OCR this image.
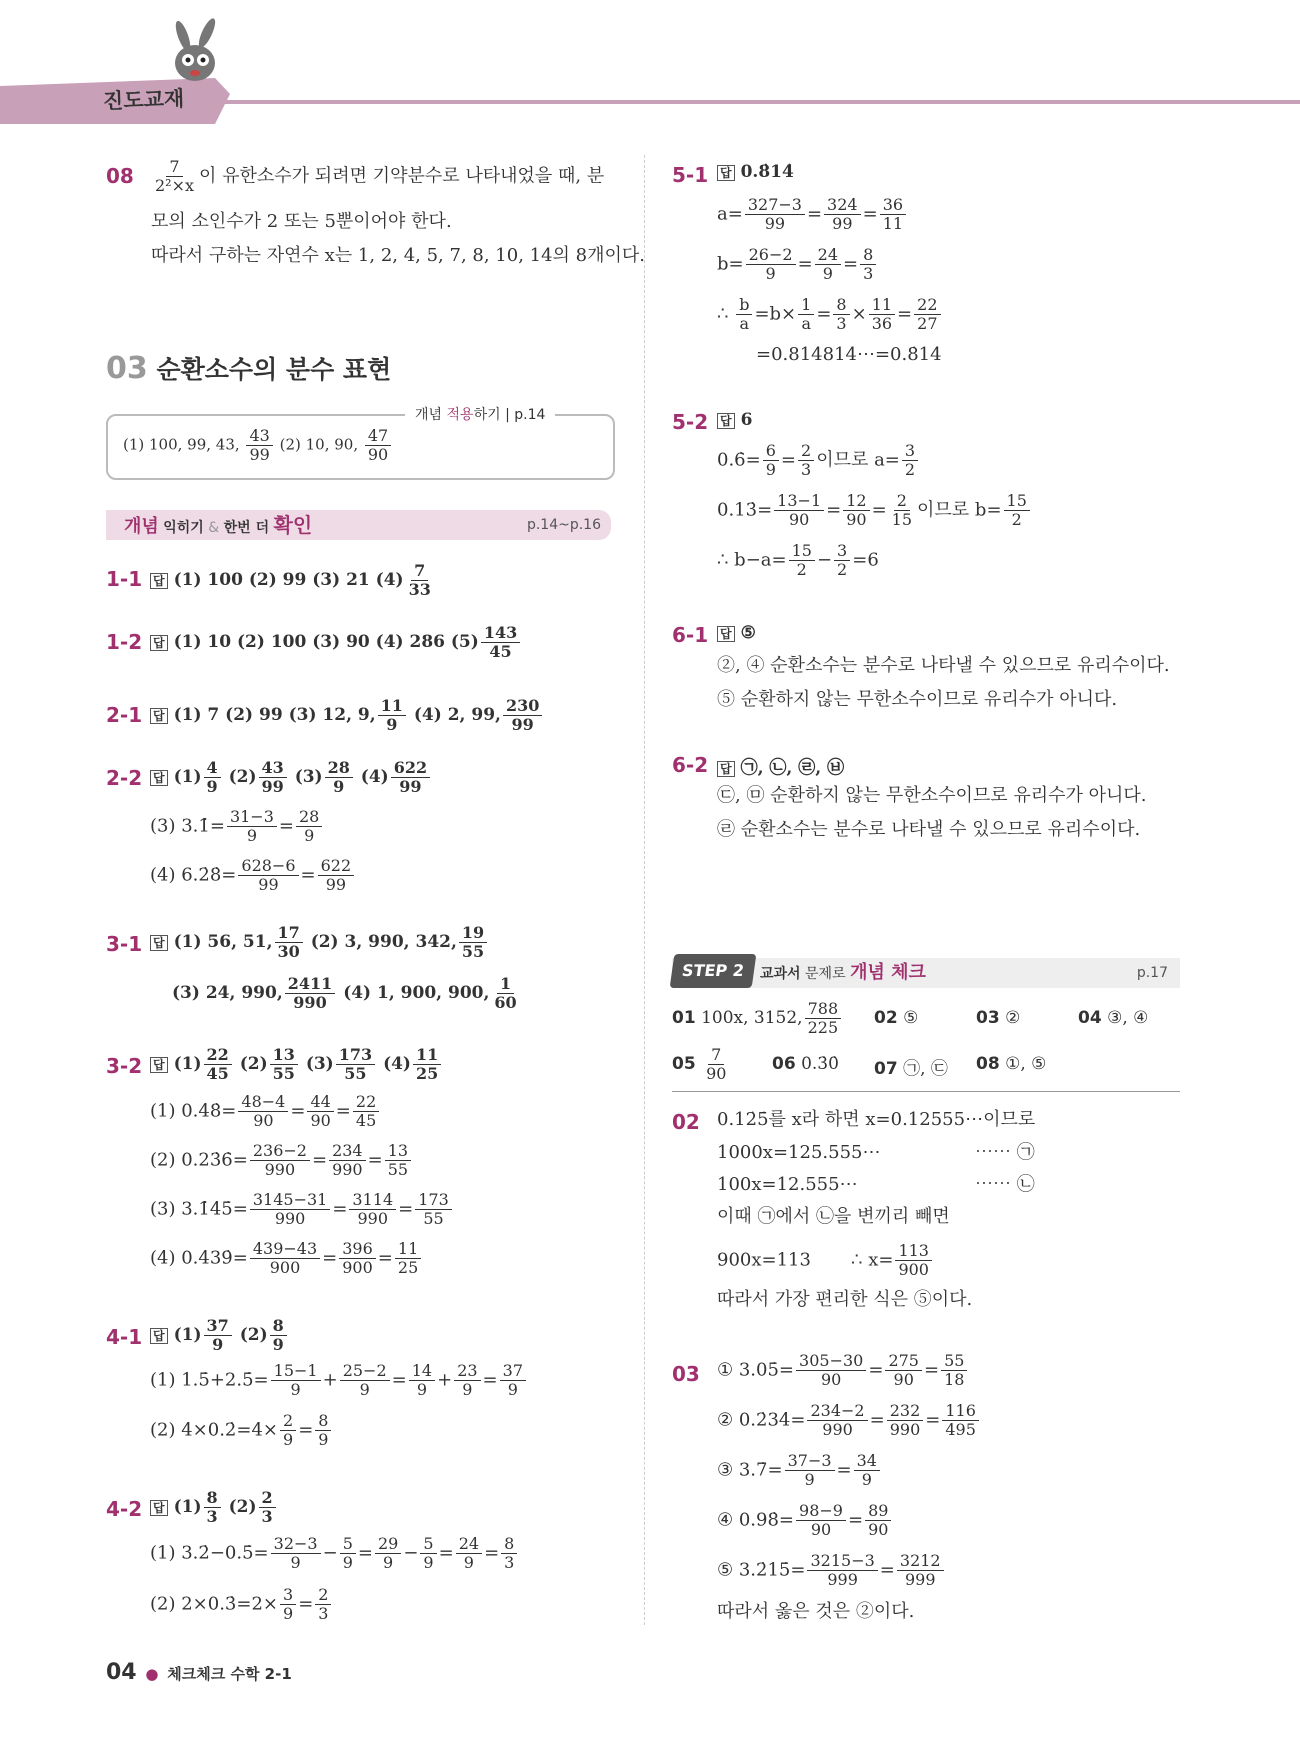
진도교재
$08 \frac{7}{\text{2²×x}}$ 이 유한소수가 되려면 기약분수로 나타내었을 때, 분
모의 소인수가 2 또는 5뿐이어야 한다.
따라서 구하는 자연수 x는 1, 2, 4, 5, 7, 8, 10, 14의 8개이다.
03 순환소수의 분수 표현
개념 적용하기 | p.14
(1) 100, 99, 43, $\frac{43}{99} (2)$ 10, 90, $\frac{47}{90}$
개념 익히기 & 한번 더 확인	p.14~p.16
1-1 답 (1) 100 (2) 99 (3) 21 $(4) \frac{7}{33}$
1-2 답 (1) 10 (2) 100 (3) 90 (4) 286 $(5) \frac{143}{45}$
2-1 답 (1) 7 (2) 99 (3) 12, 9, $\frac{11}{9} (4)$ 2, 99, $\frac{230}{99}$
2-2 답 $(1) \frac{4}{9} (2) \frac{43}{99} (3) \frac{28}{9} (4) \frac{622}{99}$
(3) 3.1̇= $\frac{31-3}{9} = \frac{28}{9}$
(4) 6.2̇8̇= $\frac{628-6}{99} = \frac{622}{99}$
3-1 답 (1) 56, 51, $\frac{17}{30} (2)$ 3, 990, 342, $\frac{19}{55}$
(3) 24, 990, $\frac{2411}{990} (4)$ 1, 900, 900, $\frac{1}{60}$
3-2 답 $(1) \frac{22}{45} (2) \frac{13}{55} (3) \frac{173}{55} (4) \frac{11}{25}$
(1) 0.48̇= $\frac{48-4}{90} = \frac{44}{90} = \frac{22}{45}$
(2) 0.23̇6̇= $\frac{236-2}{990} = \frac{234}{990} = \frac{13}{55}$
(3) 3.1̇45̇= $\frac{3145-31}{990} = \frac{3114}{990} = \frac{173}{55}$
(4) 0.439̇= $\frac{439-43}{900} = \frac{396}{900} = \frac{11}{25}$
4-1 답 $(1) \frac{37}{9} (2) \frac{8}{9}$
(1) 1.5̇+2.5̇= $\frac{15-1}{9} + \frac{25-2}{9} = \frac{14}{9} + \frac{23}{9} = \frac{37}{9}$
(2) 4×0.2̇=4× $\frac{2}{9} = \frac{8}{9}$
4-2 답 $(1) \frac{8}{3} (2) \frac{2}{3}$
(1) 3.2̇−0.5̇= $\frac{32-3}{9} - \frac{5}{9} = \frac{29}{9} - \frac{5}{9} = \frac{24}{9} = \frac{8}{3}$
(2) 2×0.3̇=2× $\frac{3}{9} = \frac{2}{3}$
5-1 답 0.8̇14̇
$a= \frac{327-3}{99} = \frac{324}{99} = \frac{36}{11}$
$b= \frac{26-2}{9} = \frac{24}{9} = \frac{8}{3}$
∴ $\frac{b}{a} =b\times \frac{1}{a} = \frac{8}{3} \times \frac{11}{36} = \frac{22}{27}$
=0.814814⋯=0.8̇14̇
5-2 답 6
0.6̇= $\frac{6}{9} = \frac{2}{3}$ 이므로 $a= \frac{3}{2}$
0.13̇= $\frac{13-1}{90} = \frac{12}{90} = \frac{2}{15}$ 이므로 $b= \frac{15}{2}$
∴ $b-a= \frac{15}{2} - \frac{3}{2} =6$
6-1 답 ⑤
②, ④ 순환소수는 분수로 나타낼 수 있으므로 유리수이다.
⑤ 순환하지 않는 무한소수이므로 유리수가 아니다.
6-2 답 ㉠, ㉡, ㉣, ㉥
㉢, ㉤ 순환하지 않는 무한소수이므로 유리수가 아니다.
㉣ 순환소수는 분수로 나타낼 수 있으므로 유리수이다.
STEP 2	교과서 문제로 개념 체크	p.17
01 100x, 3152, $\frac{788}{225} 02$ ⑤	03 ②	04 ③, ④
$05 \frac{7}{90}$	06 0.3̇0̇ 07 ㉠, ㉢ 08 ①, ⑤
02 0.12̇5̇를 x라 하면 x=0.12555⋯이므로
1000x=125.555⋯	⋯⋯ ㉠
100x=12.555⋯	⋯⋯ ㉡
이때 ㉠에서 ㉡을 변끼리 빼면
900x=113 ∴ $x= \frac{113}{900}$
따라서 가장 편리한 식은 ⑤이다.
03 ① 3.05̇= $\frac{305-30}{90} = \frac{275}{90} = \frac{55}{18}$
② 0.2̇34̇= $\frac{234-2}{990} = \frac{232}{990} = \frac{116}{495}$
③ 3.7̇= $\frac{37-3}{9} = \frac{34}{9}$
④ 0.98̇= $\frac{98-9}{90} = \frac{89}{90}$
⑤ 3.2̇15̇= $\frac{3215-3}{999} = \frac{3212}{999}$
따라서 옳은 것은 ②이다.
04 ● 체크체크 수학 2-1
